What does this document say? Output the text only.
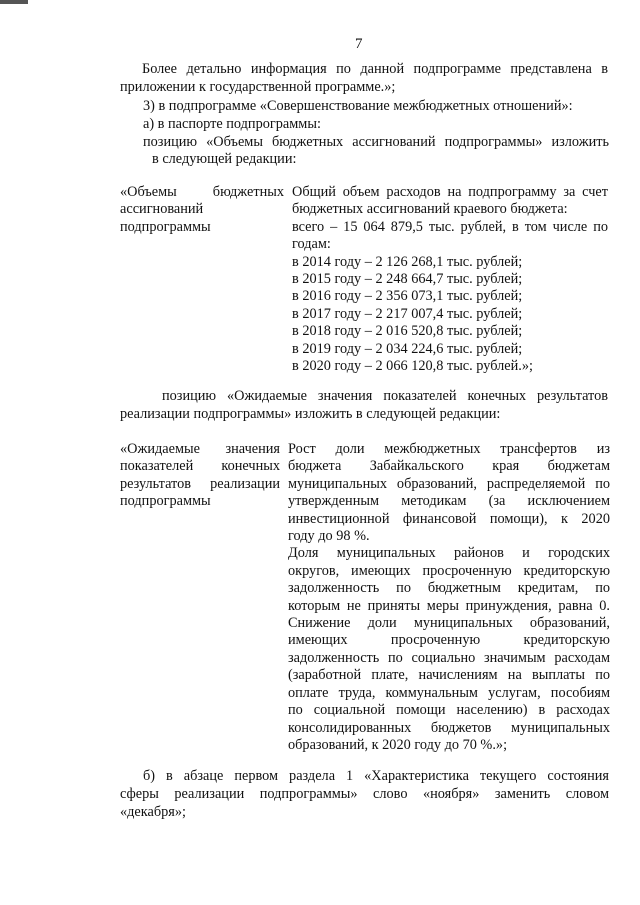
7
Более детально информация по данной подпрограмме представлена в
приложении к государственной программе.»;
3) в подпрограмме «Совершенствование межбюджетных отношений»:
а) в паспорте подпрограммы:
позицию «Объемы бюджетных ассигнований подпрограммы» изложить
в следующей редакции:
«Объемы бюджетных
ассигнований
подпрограммы
Общий объем расходов на подпрограмму за счет
бюджетных ассигнований краевого бюджета:
всего – 15 064 879,5 тыс. рублей, в том числе по
годам:
в 2014 году – 2 126 268,1 тыс. рублей;
в 2015 году – 2 248 664,7 тыс. рублей;
в 2016 году – 2 356 073,1 тыс. рублей;
в 2017 году – 2 217 007,4 тыс. рублей;
в 2018 году – 2 016 520,8 тыс. рублей;
в 2019 году – 2 034 224,6 тыс. рублей;
в 2020 году – 2 066 120,8 тыс. рублей.»;
позицию «Ожидаемые значения показателей конечных результатов
реализации подпрограммы» изложить в следующей редакции:
«Ожидаемые значения
показателей конечных
результатов реализации
подпрограммы
Рост доли межбюджетных трансфертов из
бюджета Забайкальского края бюджетам
муниципальных образований, распределяемой по
утвержденным методикам (за исключением
инвестиционной финансовой помощи), к 2020
году до 98 %.
Доля муниципальных районов и городских
округов, имеющих просроченную кредиторскую
задолженность по бюджетным кредитам, по
которым не приняты меры принуждения, равна 0.
Снижение доли муниципальных образований,
имеющих просроченную кредиторскую
задолженность по социально значимым расходам
(заработной плате, начислениям на выплаты по
оплате труда, коммунальным услугам, пособиям
по социальной помощи населению) в расходах
консолидированных бюджетов муниципальных
образований, к 2020 году до 70 %.»;
б) в абзаце первом раздела 1 «Характеристика текущего состояния
сферы реализации подпрограммы» слово «ноября» заменить словом
«декабря»;
